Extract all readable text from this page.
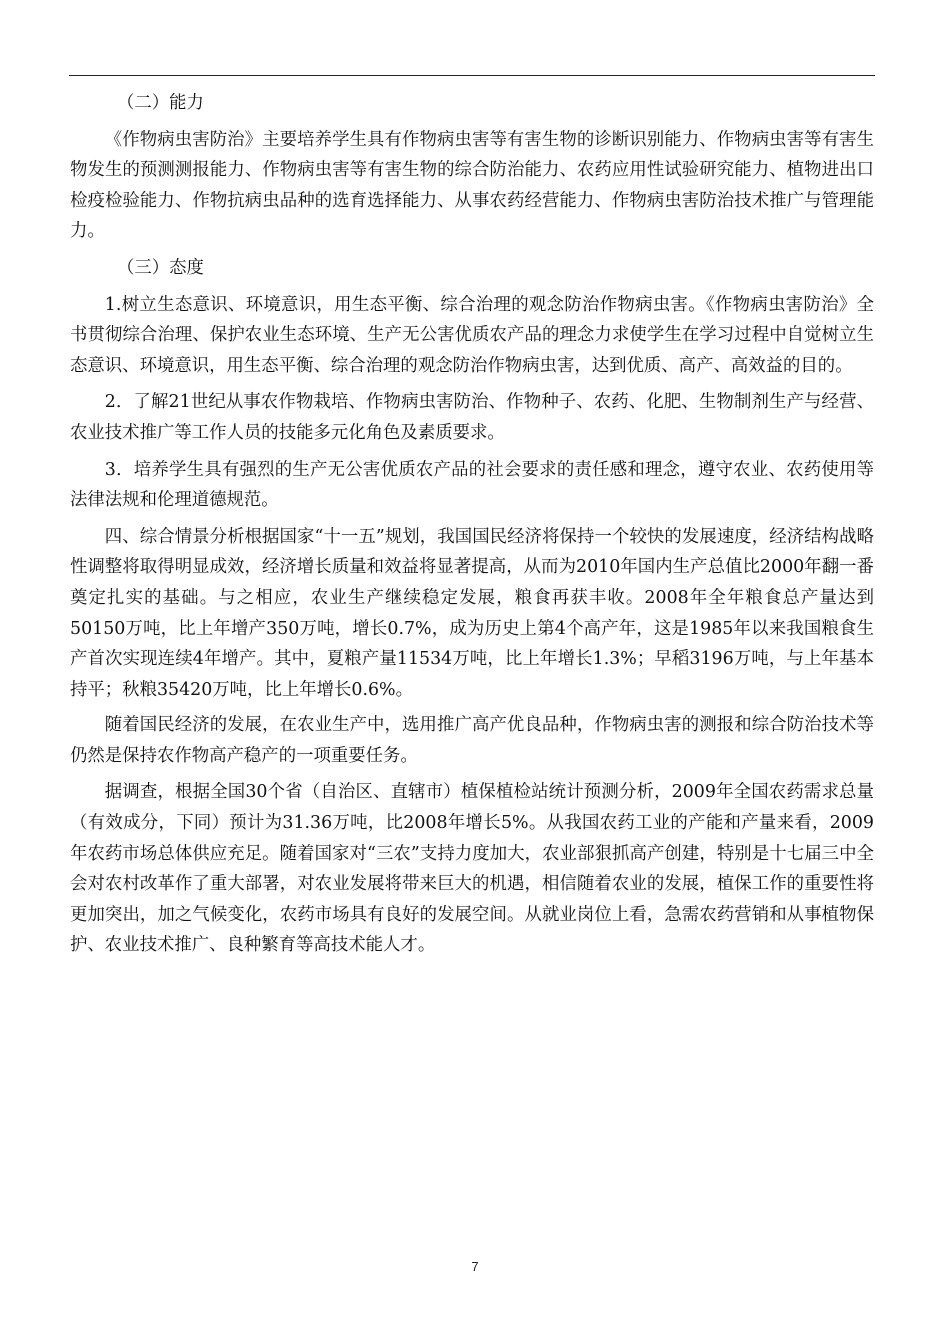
（二）能力

《作物病虫害防治》主要培养学生具有作物病虫害等有害生物的诊断识别能力、作物病虫害等有害生物发生的预测测报能力、作物病虫害等有害生物的综合防治能力、农药应用性试验研究能力、植物进出口检疫检验能力、作物抗病虫品种的选育选择能力、从事农药经营能力、作物病虫害防治技术推广与管理能力。

（三）态度

1.树立生态意识、环境意识，用生态平衡、综合治理的观念防治作物病虫害。《作物病虫害防治》全书贯彻综合治理、保护农业生态环境、生产无公害优质农产品的理念力求使学生在学习过程中自觉树立生态意识、环境意识，用生态平衡、综合治理的观念防治作物病虫害，达到优质、高产、高效益的目的。

2．了解21世纪从事农作物栽培、作物病虫害防治、作物种子、农药、化肥、生物制剂生产与经营、农业技术推广等工作人员的技能多元化角色及素质要求。

3．培养学生具有强烈的生产无公害优质农产品的社会要求的责任感和理念，遵守农业、农药使用等法律法规和伦理道德规范。

四、综合情景分析根据国家“十一五”规划，我国国民经济将保持一个较快的发展速度，经济结构战略性调整将取得明显成效，经济增长质量和效益将显著提高，从而为2010年国内生产总值比2000年翻一番奠定扎实的基础。与之相应，农业生产继续稳定发展，粮食再获丰收。2008年全年粮食总产量达到50150万吨，比上年增产350万吨，增长0.7%，成为历史上第4个高产年，这是1985年以来我国粮食生产首次实现连续4年增产。其中，夏粮产量11534万吨，比上年增长1.3%；早稻3196万吨，与上年基本持平；秋粮35420万吨，比上年增长0.6%。

随着国民经济的发展，在农业生产中，选用推广高产优良品种，作物病虫害的测报和综合防治技术等仍然是保持农作物高产稳产的一项重要任务。

据调查，根据全国30个省（自治区、直辖市）植保植检站统计预测分析，2009年全国农药需求总量（有效成分，下同）预计为31.36万吨，比2008年增长5%。从我国农药工业的产能和产量来看，2009年农药市场总体供应充足。随着国家对“三农”支持力度加大，农业部狠抓高产创建，特别是十七届三中全会对农村改革作了重大部署，对农业发展将带来巨大的机遇，相信随着农业的发展，植保工作的重要性将更加突出，加之气候变化，农药市场具有良好的发展空间。从就业岗位上看，急需农药营销和从事植物保护、农业技术推广、良种繁育等高技术能人才。

7
